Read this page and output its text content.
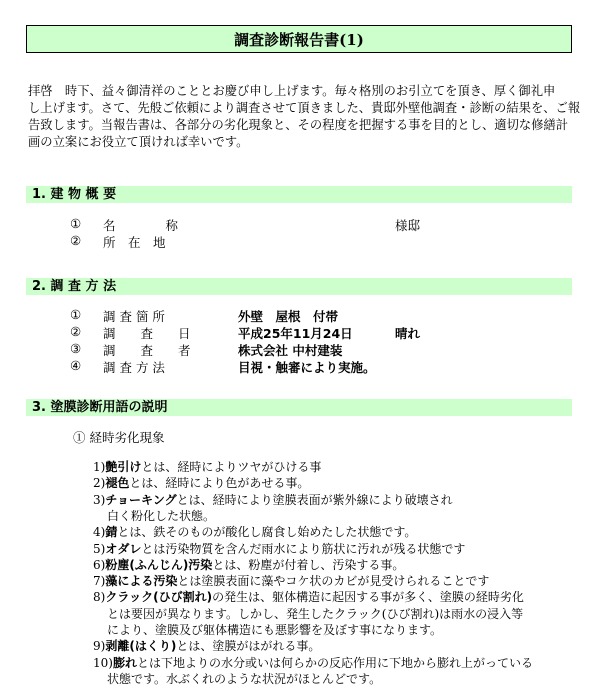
調査診断報告書(1)
拝啓　時下、益々御清祥のこととお慶び申し上げます。毎々格別のお引立てを頂き、厚く御礼申
し上げます。さて、先般ご依頼により調査させて頂きました、貴邸外壁他調査・診断の結果を、ご報
告致します。当報告書は、各部分の劣化現象と、その程度を把握する事を目的とし、適切な修繕計
画の立案にお役立て頂ければ幸いです。
1. 建 物 概 要
① 名　　　　称	様邸
② 所　在　地
2. 調 査 方 法
① 調 査 箇 所	外壁　屋根　付帯
② 調　　査　　日	平成25年11月24日	晴れ
③ 調　　査　　者	株式会社 中村建装
④ 調 査 方 法	目視・触審により実施。
3. 塗膜診断用語の説明
① 経時劣化現象
1)艶引けとは、経時によりツヤがひける事
2)褪色とは、経時により色があせる事。
3)チョーキングとは、経時により塗膜表面が紫外線により破壊され
白く粉化した状態。
4)錆とは、鉄そのものが酸化し腐食し始めたした状態です。
5)オダレとは汚染物質を含んだ雨水により筋状に汚れが残る状態です
6)粉塵(ふんじん)汚染とは、粉塵が付着し、汚染する事。
7)藻による汚染とは塗膜表面に藻やコケ状のカビが見受けられることです
8)クラック(ひび割れ)の発生は、躯体構造に起因する事が多く、塗膜の経時劣化
とは要因が異なります。しかし、発生したクラック(ひび割れ)は雨水の浸入等
により、塗膜及び躯体構造にも悪影響を及ぼす事になります。
9)剥離(はくり)とは、塗膜がはがれる事。
10)膨れとは下地よりの水分或いは何らかの反応作用に下地から膨れ上がっている
状態です。水ぶくれのような状況がほとんどです。
